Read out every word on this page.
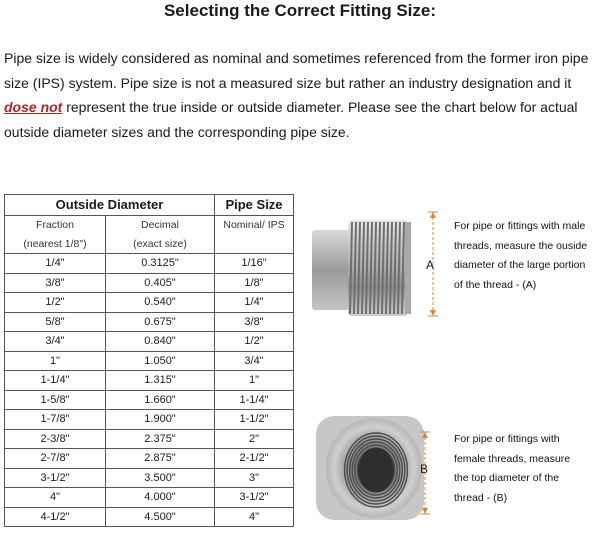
Selecting the Correct Fitting Size:
Pipe size is widely considered as nominal and sometimes referenced from the former iron pipe size (IPS) system. Pipe size is not a measured size but rather an industry designation and it dose not represent the true inside or outside diameter. Please see the chart below for actual outside diameter sizes and the corresponding pipe size.
Outside Diameter		Pipe Size
Fraction	Decimal	Nominal/ IPS
(nearest 1/8")	(exact size)	
1/4"	0.3125"	1/16"
3/8"	0.405"	1/8"
1/2"	0.540"	1/4"
5/8"	0.675"	3/8"
3/4"	0.840"	1/2"
1"	1.050"	3/4"
1-1/4"	1.315"	1"
1-5/8"	1.660"	1-1/4"
1-7/8"	1.900"	1-1/2"
2-3/8"	2.375"	2"
2-7/8"	2.875"	2-1/2"
3-1/2"	3.500"	3"
4"	4.000"	3-1/2"
4-1/2"	4.500"	4"
A
For pipe or fittings with male
threads, measure the ouside
diameter of the large portion
of the thread - (A)
B
For pipe or fittings with
female threads, measure
the top diameter of the
thread - (B)
